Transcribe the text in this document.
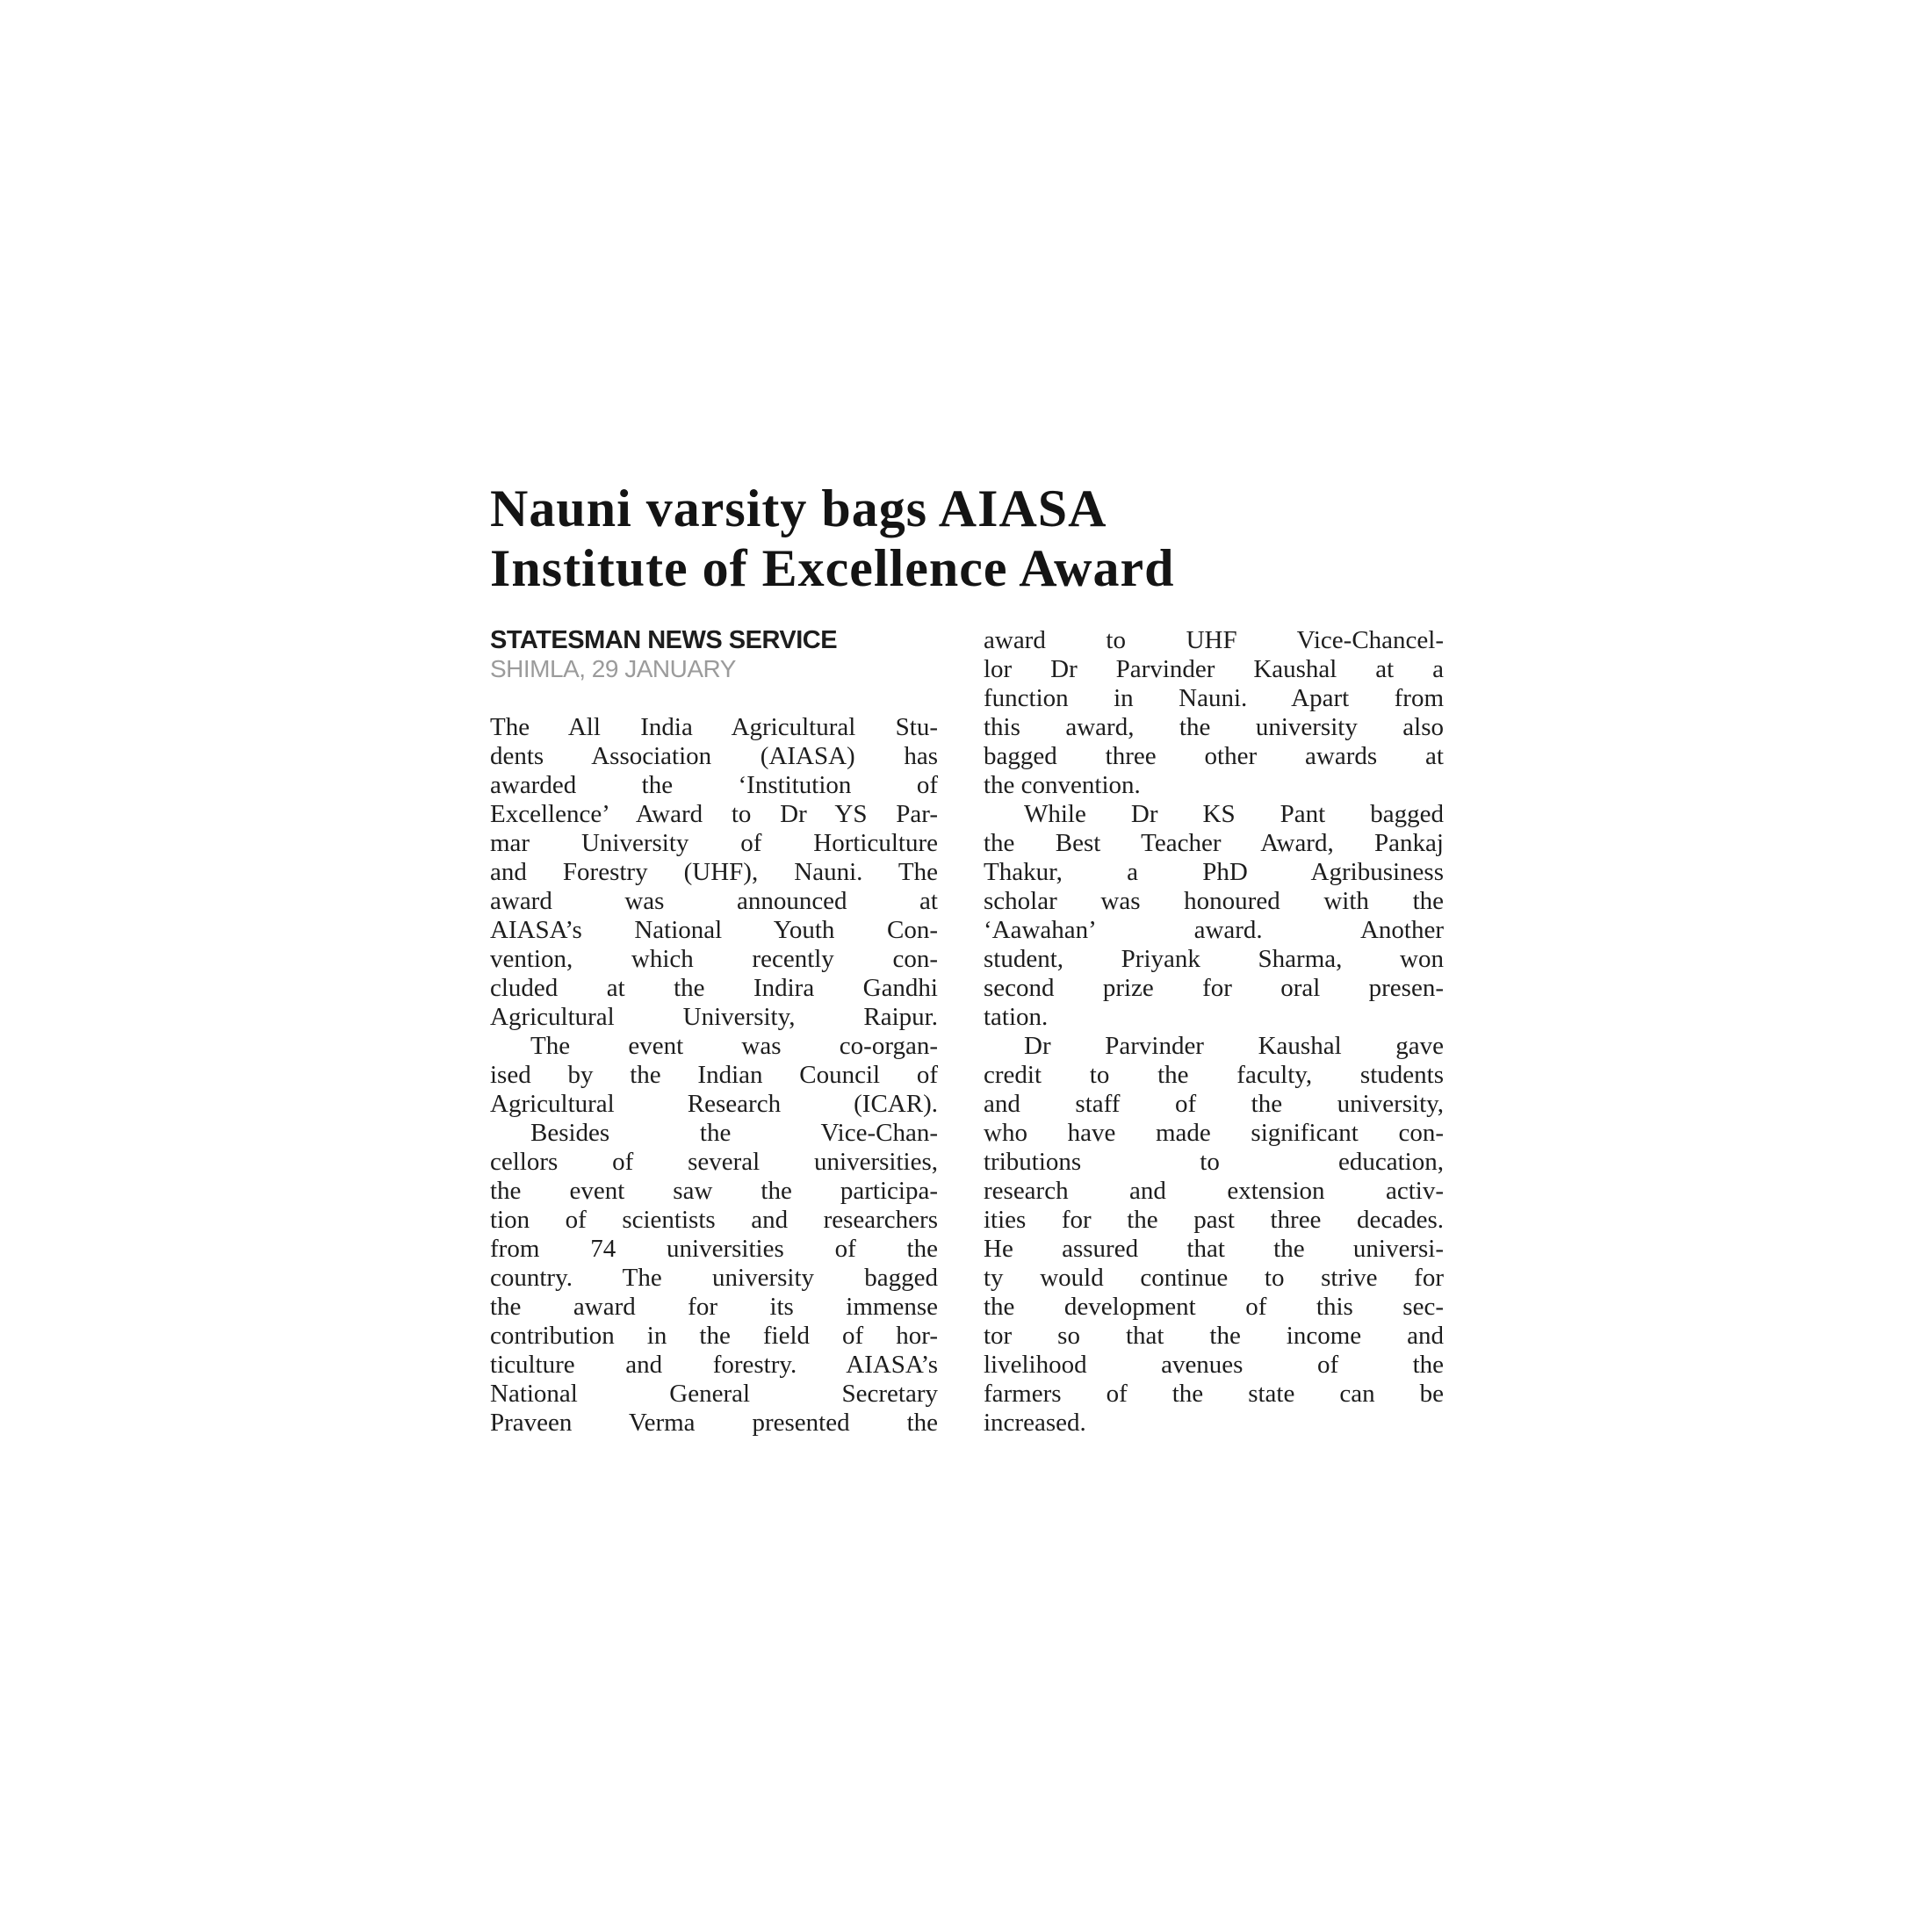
Nauni varsity bags AIASA
Institute of Excellence Award
STATESMAN NEWS SERVICE
SHIMLA, 29 JANUARY
The All India Agricultural Stu-
dents Association (AIASA) has
awarded the ‘Institution of
Excellence’ Award to Dr YS Par-
mar University of Horticulture
and Forestry (UHF), Nauni. The
award was announced at
AIASA’s National Youth Con-
vention, which recently con-
cluded at the Indira Gandhi
Agricultural University, Raipur.
The event was co-organ-
ised by the Indian Council of
Agricultural Research (ICAR).
Besides the Vice-Chan-
cellors of several universities,
the event saw the participa-
tion of scientists and researchers
from 74 universities of the
country. The university bagged
the award for its immense
contribution in the field of hor-
ticulture and forestry. AIASA’s
National General Secretary
Praveen Verma presented the
award to UHF Vice-Chancel-
lor Dr Parvinder Kaushal at a
function in Nauni. Apart from
this award, the university also
bagged three other awards at
the convention.
While Dr KS Pant bagged
the Best Teacher Award, Pankaj
Thakur, a PhD Agribusiness
scholar was honoured with the
‘Aawahan’ award. Another
student, Priyank Sharma, won
second prize for oral presen-
tation.
Dr Parvinder Kaushal gave
credit to the faculty, students
and staff of the university,
who have made significant con-
tributions to education,
research and extension activ-
ities for the past three decades.
He assured that the universi-
ty would continue to strive for
the development of this sec-
tor so that the income and
livelihood avenues of the
farmers of the state can be
increased.
